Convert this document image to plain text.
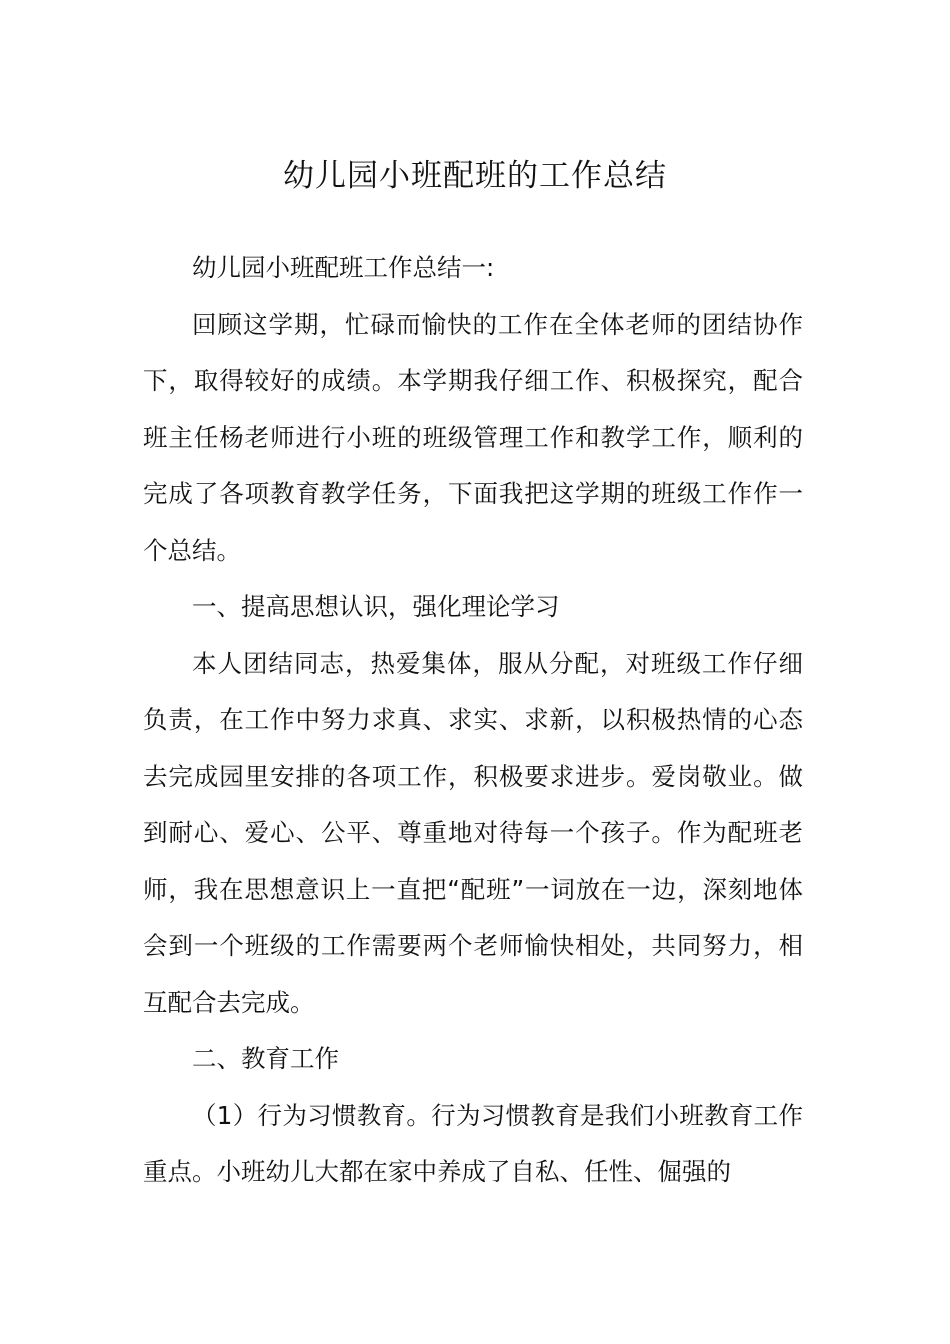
幼儿园小班配班的工作总结

幼儿园小班配班工作总结一:

回顾这学期，忙碌而愉快的工作在全体老师的团结协作下，取得较好的成绩。本学期我仔细工作、积极探究，配合班主任杨老师进行小班的班级管理工作和教学工作，顺利的完成了各项教育教学任务，下面我把这学期的班级工作作一个总结。

一、提高思想认识，强化理论学习

本人团结同志，热爱集体，服从分配，对班级工作仔细负责，在工作中努力求真、求实、求新，以积极热情的心态去完成园里安排的各项工作，积极要求进步。爱岗敬业。做到耐心、爱心、公平、尊重地对待每一个孩子。作为配班老师，我在思想意识上一直把“配班”一词放在一边，深刻地体会到一个班级的工作需要两个老师愉快相处，共同努力，相互配合去完成。

二、教育工作

（1）行为习惯教育。行为习惯教育是我们小班教育工作重点。小班幼儿大都在家中养成了自私、任性、倔强的
